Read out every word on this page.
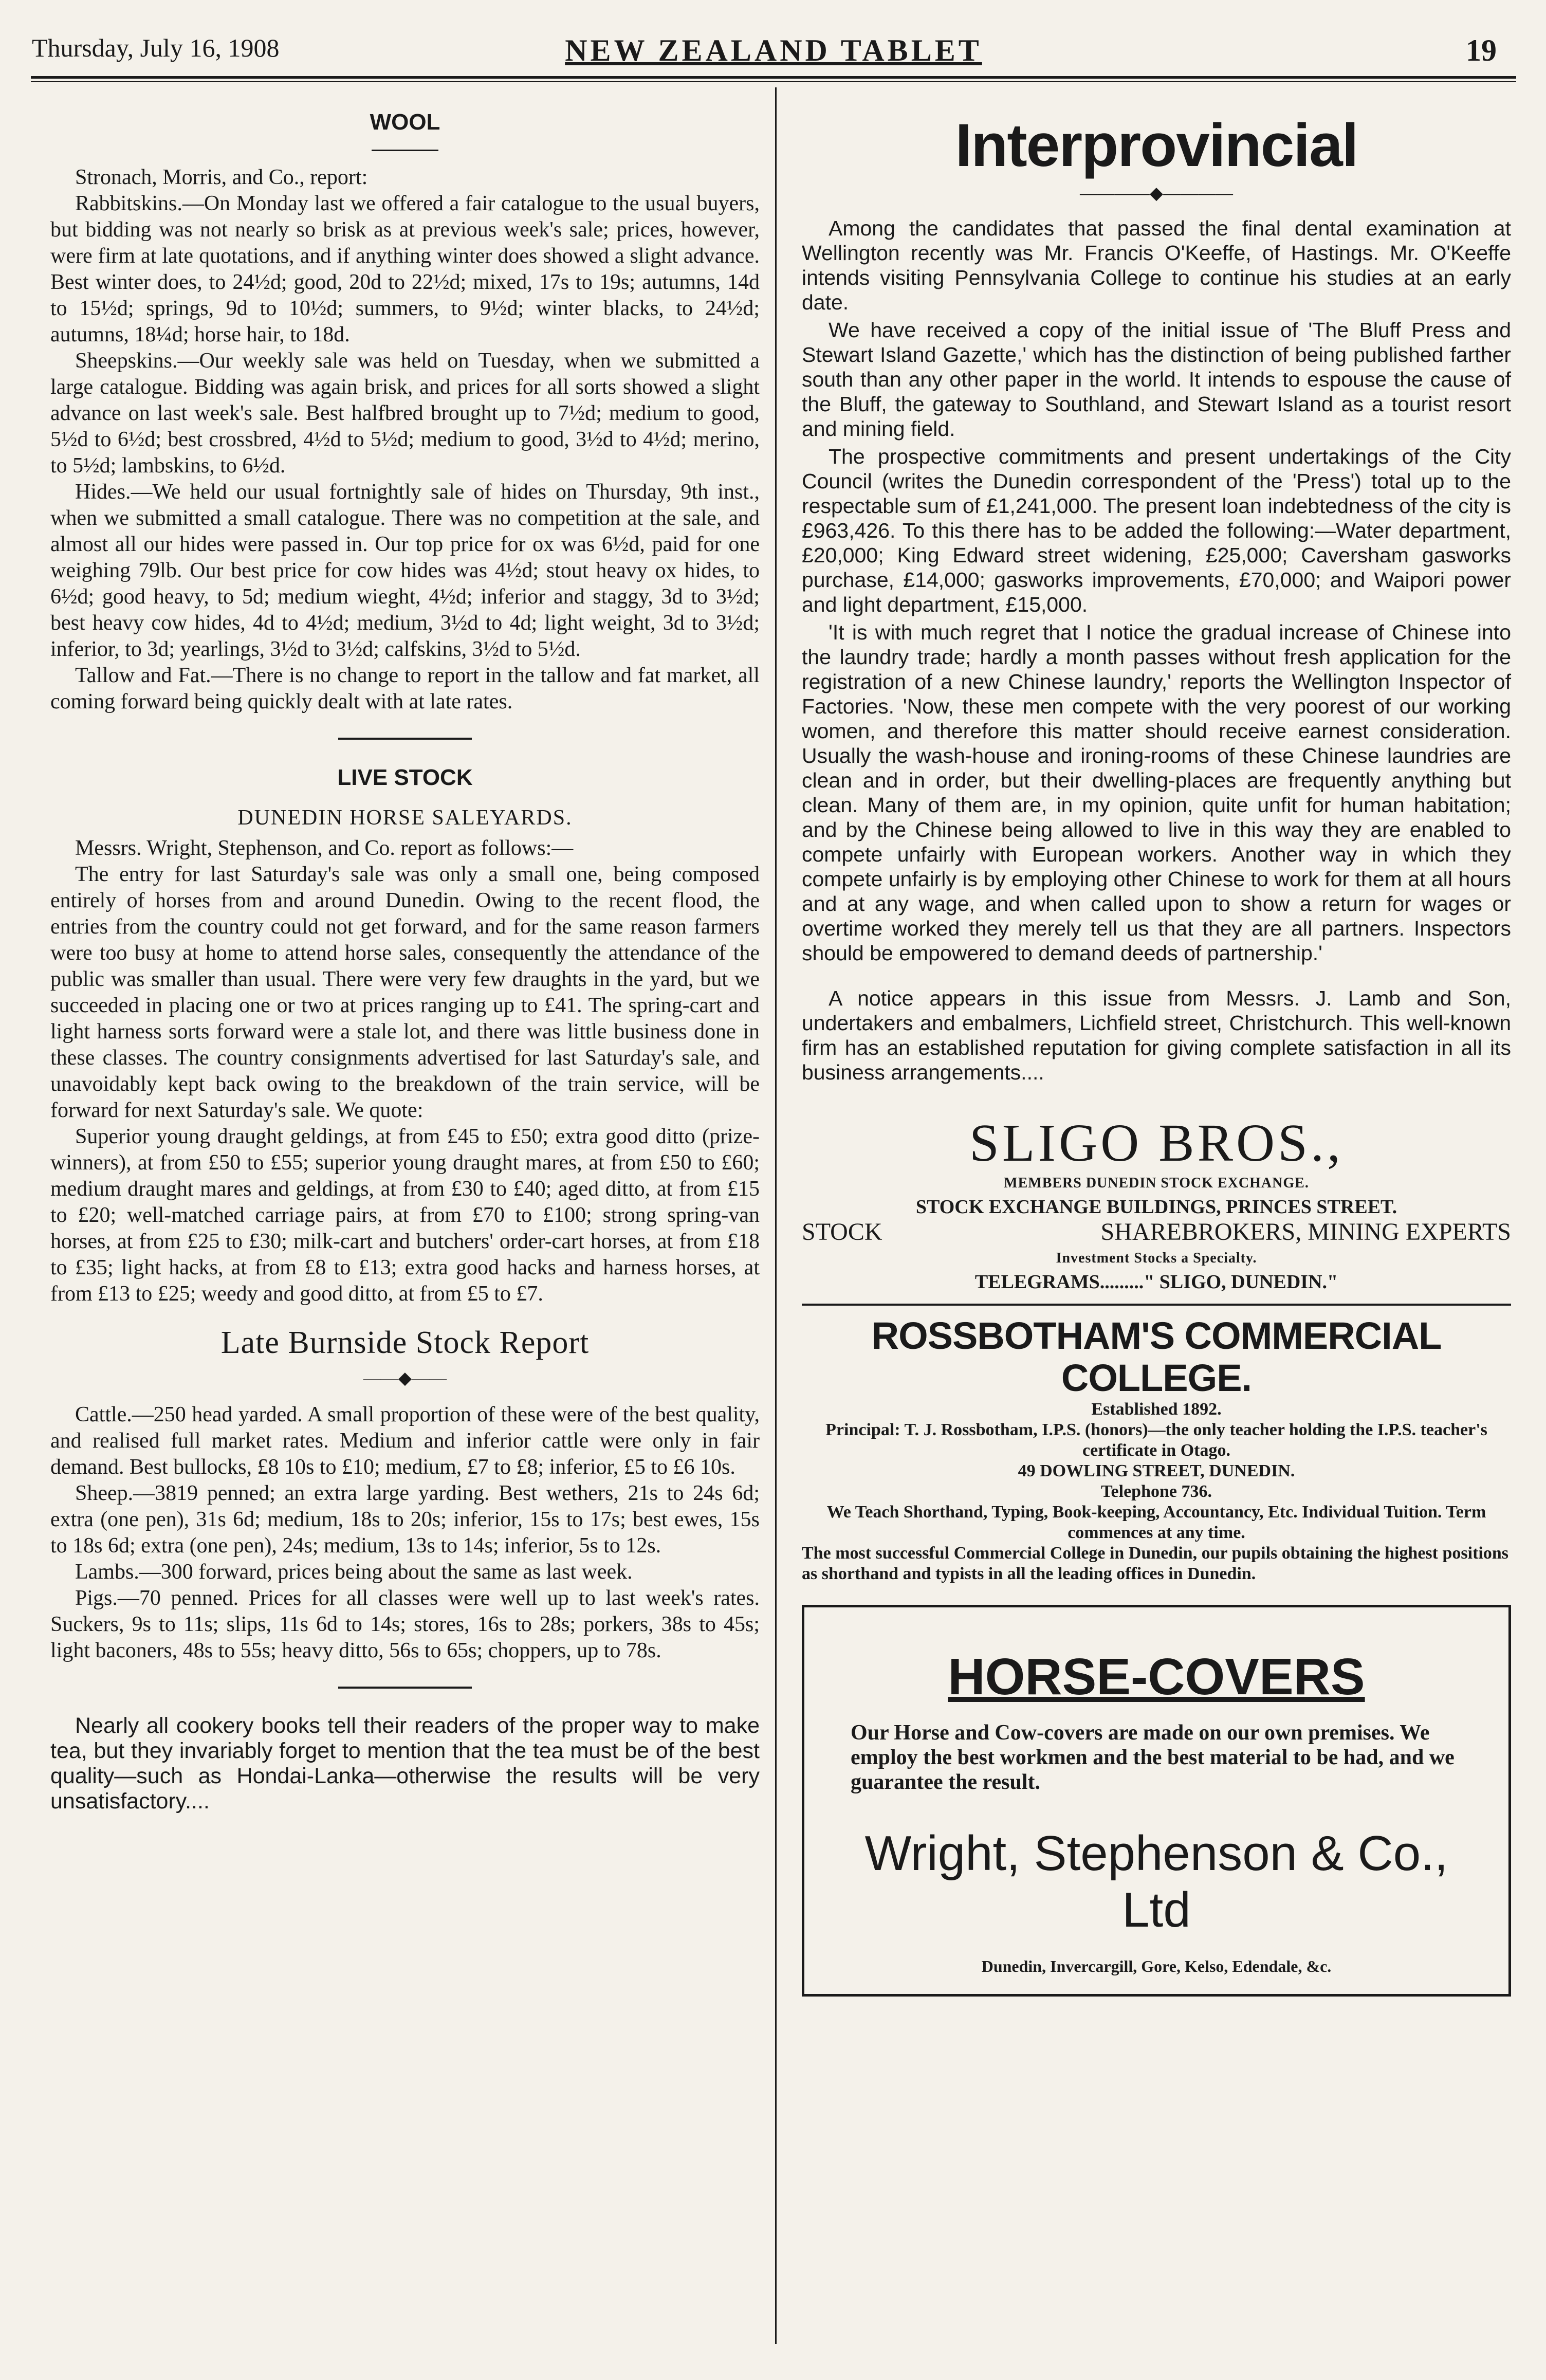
Thursday, July 16, 1908	NEW ZEALAND TABLET	19
WOOL

Stronach, Morris, and Co., report:

Rabbitskins.—On Monday last we offered a fair catalogue to the usual buyers, but bidding was not nearly so brisk as at previous week's sale; prices, however, were firm at late quotations, and if anything winter does showed a slight advance. Best winter does, to 24½d; good, 20d to 22½d; mixed, 17s to 19s; autumns, 14d to 15½d; springs, 9d to 10½d; summers, to 9½d; winter blacks, to 24½d; autumns, 18¼d; horse hair, to 18d.

Sheepskins.—Our weekly sale was held on Tuesday, when we submitted a large catalogue. Bidding was again brisk, and prices for all sorts showed a slight advance on last week's sale. Best halfbred brought up to 7½d; medium to good, 5½d to 6½d; best crossbred, 4½d to 5½d; medium to good, 3½d to 4½d; merino, to 5½d; lambskins, to 6½d.

Hides.—We held our usual fortnightly sale of hides on Thursday, 9th inst., when we submitted a small catalogue. There was no competition at the sale, and almost all our hides were passed in. Our top price for ox was 6½d, paid for one weighing 79lb. Our best price for cow hides was 4½d; stout heavy ox hides, to 6½d; good heavy, to 5d; medium wieght, 4½d; inferior and staggy, 3d to 3½d; best heavy cow hides, 4d to 4½d; medium, 3½d to 4d; light weight, 3d to 3½d; inferior, to 3d; yearlings, 3½d to 3½d; calfskins, 3½d to 5½d.

Tallow and Fat.—There is no change to report in the tallow and fat market, all coming forward being quickly dealt with at late rates.

LIVE STOCK
DUNEDIN HORSE SALEYARDS.

Messrs. Wright, Stephenson, and Co. report as follows:—

The entry for last Saturday's sale was only a small one, being composed entirely of horses from and around Dunedin. Owing to the recent flood, the entries from the country could not get forward, and for the same reason farmers were too busy at home to attend horse sales, consequently the attendance of the public was smaller than usual. There were very few draughts in the yard, but we succeeded in placing one or two at prices ranging up to £41. The spring-cart and light harness sorts forward were a stale lot, and there was little business done in these classes. The country consignments advertised for last Saturday's sale, and unavoidably kept back owing to the breakdown of the train service, will be forward for next Saturday's sale. We quote:

Superior young draught geldings, at from £45 to £50; extra good ditto (prize-winners), at from £50 to £55; superior young draught mares, at from £50 to £60; medium draught mares and geldings, at from £30 to £40; aged ditto, at from £15 to £20; well-matched carriage pairs, at from £70 to £100; strong spring-van horses, at from £25 to £30; milk-cart and butchers' order-cart horses, at from £18 to £35; light hacks, at from £8 to £13; extra good hacks and harness horses, at from £13 to £25; weedy and good ditto, at from £5 to £7.

Late Burnside Stock Report
——◆——

Cattle.—250 head yarded. A small proportion of these were of the best quality, and realised full market rates. Medium and inferior cattle were only in fair demand. Best bullocks, £8 10s to £10; medium, £7 to £8; inferior, £5 to £6 10s.

Sheep.—3819 penned; an extra large yarding. Best wethers, 21s to 24s 6d; extra (one pen), 31s 6d; medium, 18s to 20s; inferior, 15s to 17s; best ewes, 15s to 18s 6d; extra (one pen), 24s; medium, 13s to 14s; inferior, 5s to 12s.

Lambs.—300 forward, prices being about the same as last week.

Pigs.—70 penned. Prices for all classes were well up to last week's rates. Suckers, 9s to 11s; slips, 11s 6d to 14s; stores, 16s to 28s; porkers, 38s to 45s; light baconers, 48s to 55s; heavy ditto, 56s to 65s; choppers, up to 78s.

Nearly all cookery books tell their readers of the proper way to make tea, but they invariably forget to mention that the tea must be of the best quality—such as Hondai-Lanka—otherwise the results will be very unsatisfactory....

Interprovincial
————◆————

Among the candidates that passed the final dental examination at Wellington recently was Mr. Francis O'Keeffe, of Hastings. Mr. O'Keeffe intends visiting Pennsylvania College to continue his studies at an early date.

We have received a copy of the initial issue of 'The Bluff Press and Stewart Island Gazette,' which has the distinction of being published farther south than any other paper in the world. It intends to espouse the cause of the Bluff, the gateway to Southland, and Stewart Island as a tourist resort and mining field.

The prospective commitments and present undertakings of the City Council (writes the Dunedin correspondent of the 'Press') total up to the respectable sum of £1,241,000. The present loan indebtedness of the city is £963,426. To this there has to be added the following:—Water department, £20,000; King Edward street widening, £25,000; Caversham gasworks purchase, £14,000; gasworks improvements, £70,000; and Waipori power and light department, £15,000.

'It is with much regret that I notice the gradual increase of Chinese into the laundry trade; hardly a month passes without fresh application for the registration of a new Chinese laundry,' reports the Wellington Inspector of Factories. 'Now, these men compete with the very poorest of our working women, and therefore this matter should receive earnest consideration. Usually the wash-house and ironing-rooms of these Chinese laundries are clean and in order, but their dwelling-places are frequently anything but clean. Many of them are, in my opinion, quite unfit for human habitation; and by the Chinese being allowed to live in this way they are enabled to compete unfairly with European workers. Another way in which they compete unfairly is by employing other Chinese to work for them at all hours and at any wage, and when called upon to show a return for wages or overtime worked they merely tell us that they are all partners. Inspectors should be empowered to demand deeds of partnership.'

A notice appears in this issue from Messrs. J. Lamb and Son, undertakers and embalmers, Lichfield street, Christchurch. This well-known firm has an established reputation for giving complete satisfaction in all its business arrangements....

SLIGO BROS.,
MEMBERS DUNEDIN STOCK EXCHANGE.
STOCK EXCHANGE BUILDINGS, PRINCES STREET.
STOCK	SHAREBROKERS, MINING EXPERTS
Investment Stocks a Specialty.
TELEGRAMS........." SLIGO, DUNEDIN."
ROSSBOTHAM'S COMMERCIAL COLLEGE.

Established 1892.

Principal: T. J. Rossbotham, I.P.S. (honors)—the only teacher holding the I.P.S. teacher's certificate in Otago.

49 DOWLING STREET, DUNEDIN.

Telephone 736.

We Teach Shorthand, Typing, Book-keeping, Accountancy, Etc. Individual Tuition. Term commences at any time.

The most successful Commercial College in Dunedin, our pupils obtaining the highest positions as shorthand and typists in all the leading offices in Dunedin.

HORSE-COVERS
Our Horse and Cow-covers are made on our own premises. We employ the best workmen and the best material to be had, and we guarantee the result.
Wright, Stephenson & Co., Ltd
Dunedin, Invercargill, Gore, Kelso, Edendale, &c.
